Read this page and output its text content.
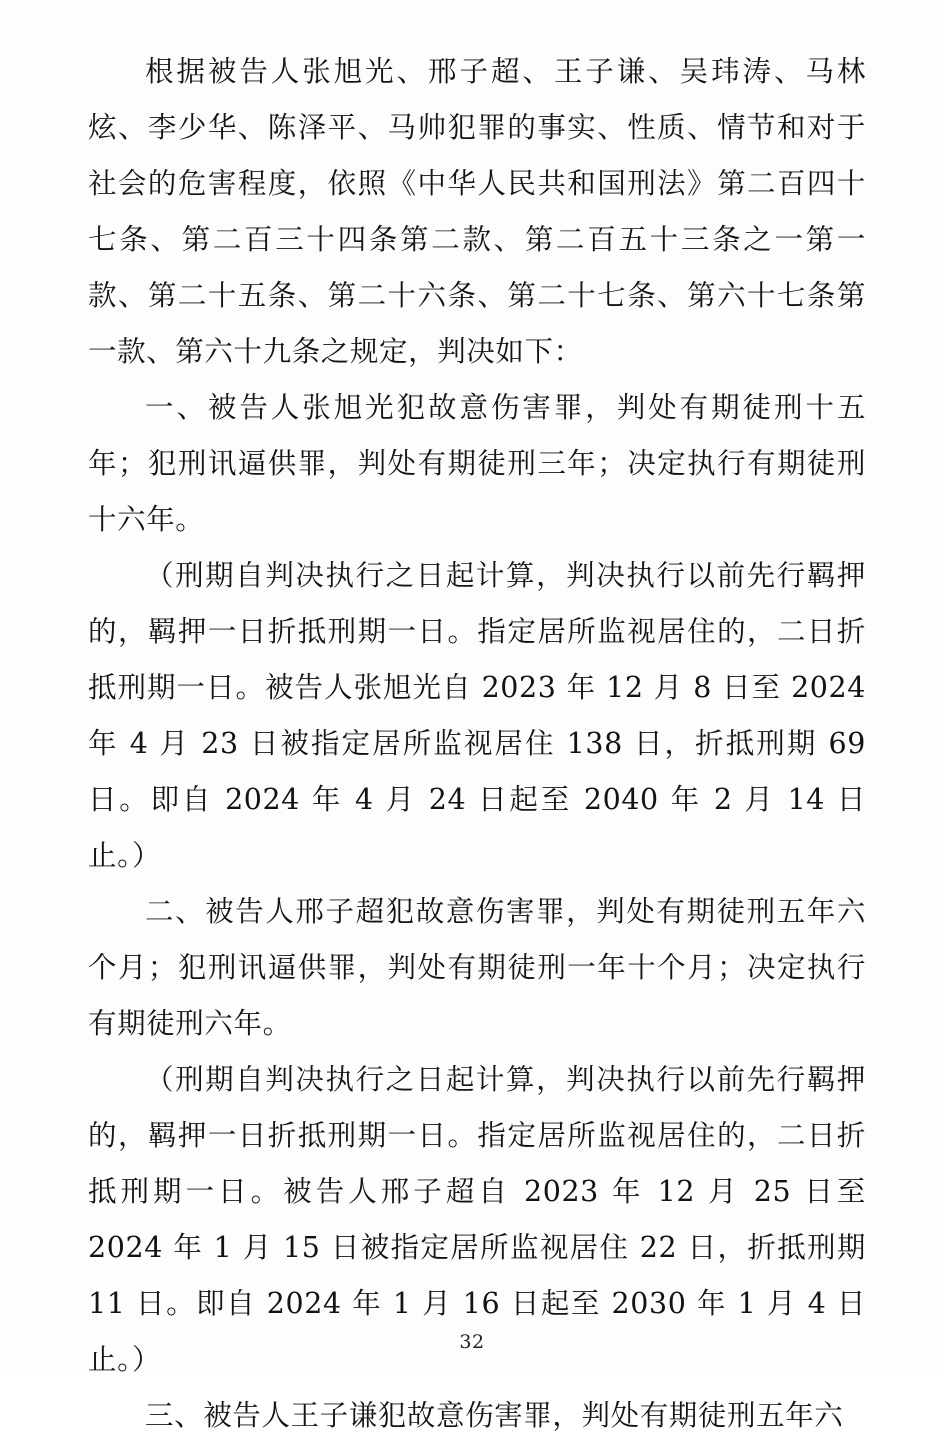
根据被告人张旭光、邢子超、王子谦、吴玮涛、马林炫、李少华、陈泽平、马帅犯罪的事实、性质、情节和对于社会的危害程度，依照《中华人民共和国刑法》第二百四十七条、第二百三十四条第二款、第二百五十三条之一第一款、第二十五条、第二十六条、第二十七条、第六十七条第一款、第六十九条之规定，判决如下：

一、被告人张旭光犯故意伤害罪，判处有期徒刑十五年；犯刑讯逼供罪，判处有期徒刑三年；决定执行有期徒刑十六年。

（刑期自判决执行之日起计算，判决执行以前先行羁押的，羁押一日折抵刑期一日。指定居所监视居住的，二日折抵刑期一日。被告人张旭光自 2023 年 12 月 8 日至 2024 年 4 月 23 日被指定居所监视居住 138 日，折抵刑期 69 日。即自 2024 年 4 月 24 日起至 2040 年 2 月 14 日止。）

二、被告人邢子超犯故意伤害罪，判处有期徒刑五年六个月；犯刑讯逼供罪，判处有期徒刑一年十个月；决定执行有期徒刑六年。

（刑期自判决执行之日起计算，判决执行以前先行羁押的，羁押一日折抵刑期一日。指定居所监视居住的，二日折抵刑期一日。被告人邢子超自 2023 年 12 月 25 日至 2024 年 1 月 15 日被指定居所监视居住 22 日，折抵刑期 11 日。即自 2024 年 1 月 16 日起至 2030 年 1 月 4 日止。）

三、被告人王子谦犯故意伤害罪，判处有期徒刑五年六

32
